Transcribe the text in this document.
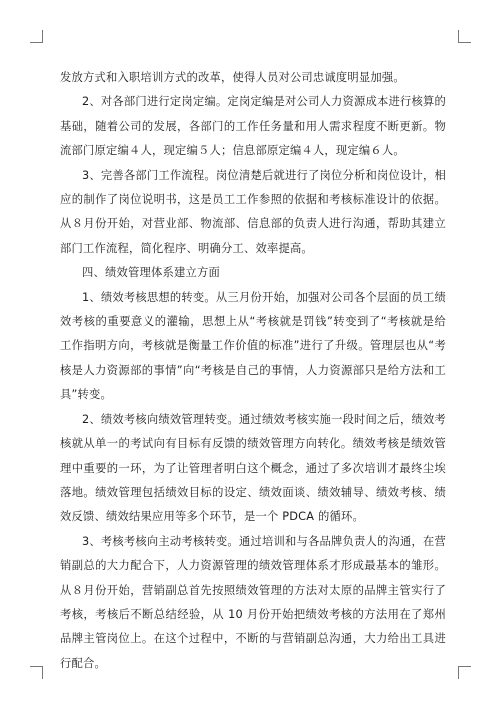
发放方式和入职培训方式的改革，使得人员对公司忠诚度明显加强。

2、对各部门进行定岗定编。定岗定编是对公司人力资源成本进行核算的基础，随着公司的发展，各部门的工作任务量和用人需求程度不断更新。物流部门原定编４人，现定编５人；信息部原定编４人，现定编６人。

3、完善各部门工作流程。岗位清楚后就进行了岗位分析和岗位设计，相应的制作了岗位说明书，这是员工工作参照的依据和考核标准设计的依据。从８月份开始，对营业部、物流部、信息部的负责人进行沟通，帮助其建立部门工作流程，简化程序、明确分工、效率提高。

四、绩效管理体系建立方面

1、绩效考核思想的转变。从三月份开始，加强对公司各个层面的员工绩效考核的重要意义的灌输，思想上从“考核就是罚钱”转变到了“考核就是给工作指明方向，考核就是衡量工作价值的标准”进行了升级。管理层也从“考核是人力资源部的事情”向“考核是自己的事情，人力资源部只是给方法和工具”转变。

2、绩效考核向绩效管理转变。通过绩效考核实施一段时间之后，绩效考核就从单一的考试向有目标有反馈的绩效管理方向转化。绩效考核是绩效管理中重要的一环，为了让管理者明白这个概念，通过了多次培训才最终尘埃落地。绩效管理包括绩效目标的设定、绩效面谈、绩效辅导、绩效考核、绩效反馈、绩效结果应用等多个环节，是一个 PDCA 的循环。

3、考核考核向主动考核转变。通过培训和与各品牌负责人的沟通，在营销副总的大力配合下，人力资源管理的绩效管理体系才形成最基本的雏形。从８月份开始，营销副总首先按照绩效管理的方法对太原的品牌主管实行了考核，考核后不断总结经验，从 10 月份开始把绩效考核的方法用在了郑州品牌主管岗位上。在这个过程中，不断的与营销副总沟通，大力给出工具进行配合。
